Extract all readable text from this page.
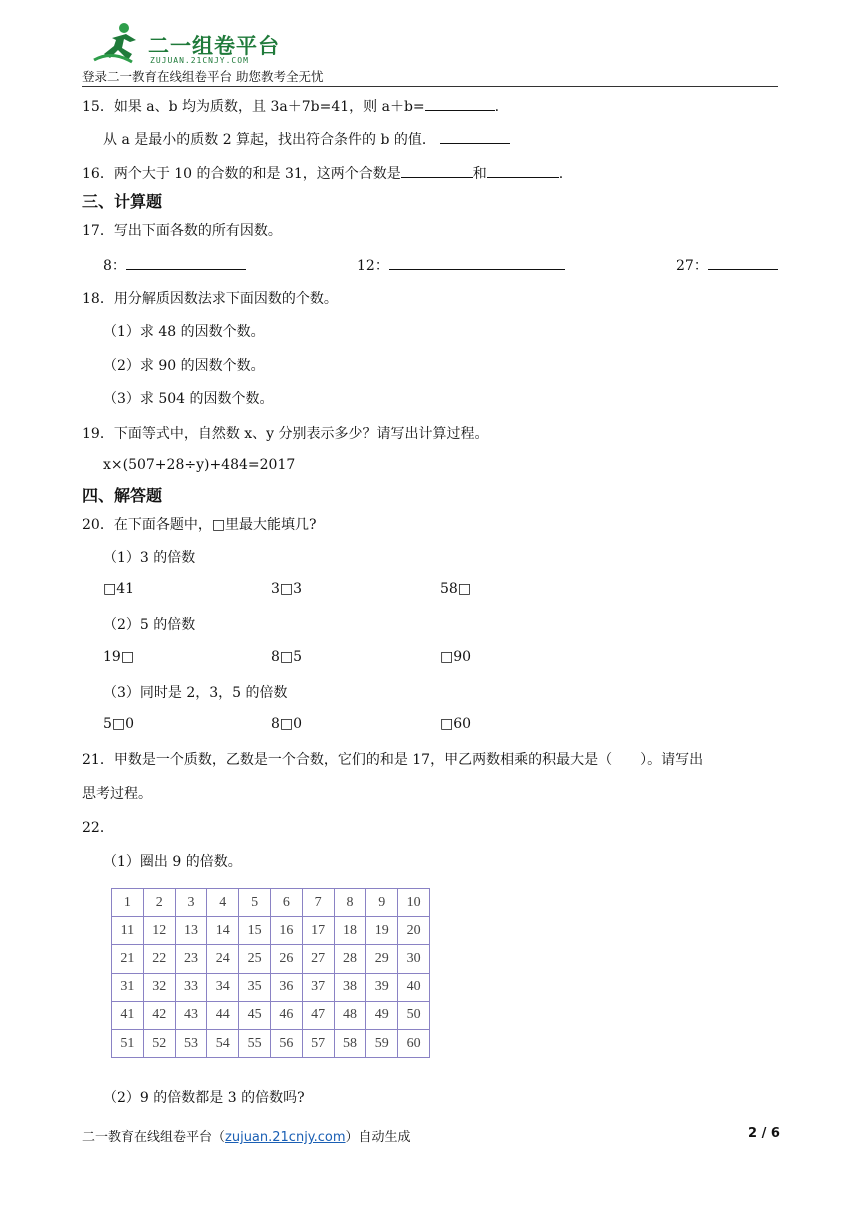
二一组卷平台
ZUJUAN.21CNJY.COM
登录二一教育在线组卷平台 助您教考全无忧
15．如果 a、b 均为质数，且 3a＋7b=41，则 a＋b=	.
从 a 是最小的质数 2 算起，找出符合条件的 b 的值．
16．两个大于 10 的合数的和是 31，这两个合数是	和	.
三、计算题
17．写出下面各数的所有因数。
8：	12：	27：
18．用分解质因数法求下面因数的个数。
（1）求 48 的因数个数。
（2）求 90 的因数个数。
（3）求 504 的因数个数。
19．下面等式中，自然数 x、y 分别表示多少？请写出计算过程。
x×(507+28÷y)+484=2017
四、解答题
20．在下面各题中，□里最大能填几?
（1）3 的倍数
□41	3□3	58□
（2）5 的倍数
19□	8□5	□90
（3）同时是 2，3，5 的倍数
5□0	8□0	□60
21．甲数是一个质数，乙数是一个合数，它们的和是 17，甲乙两数相乘的积最大是（　　）。请写出
思考过程。
22．
（1）圈出 9 的倍数。
1	2	3	4	5	6	7	8	9	10
11	12	13	14	15	16	17	18	19	20
21	22	23	24	25	26	27	28	29	30
31	32	33	34	35	36	37	38	39	40
41	42	43	44	45	46	47	48	49	50
51	52	53	54	55	56	57	58	59	60
（2）9 的倍数都是 3 的倍数吗?
二一教育在线组卷平台（zujuan.21cnjy.com）自动生成	2 / 6
